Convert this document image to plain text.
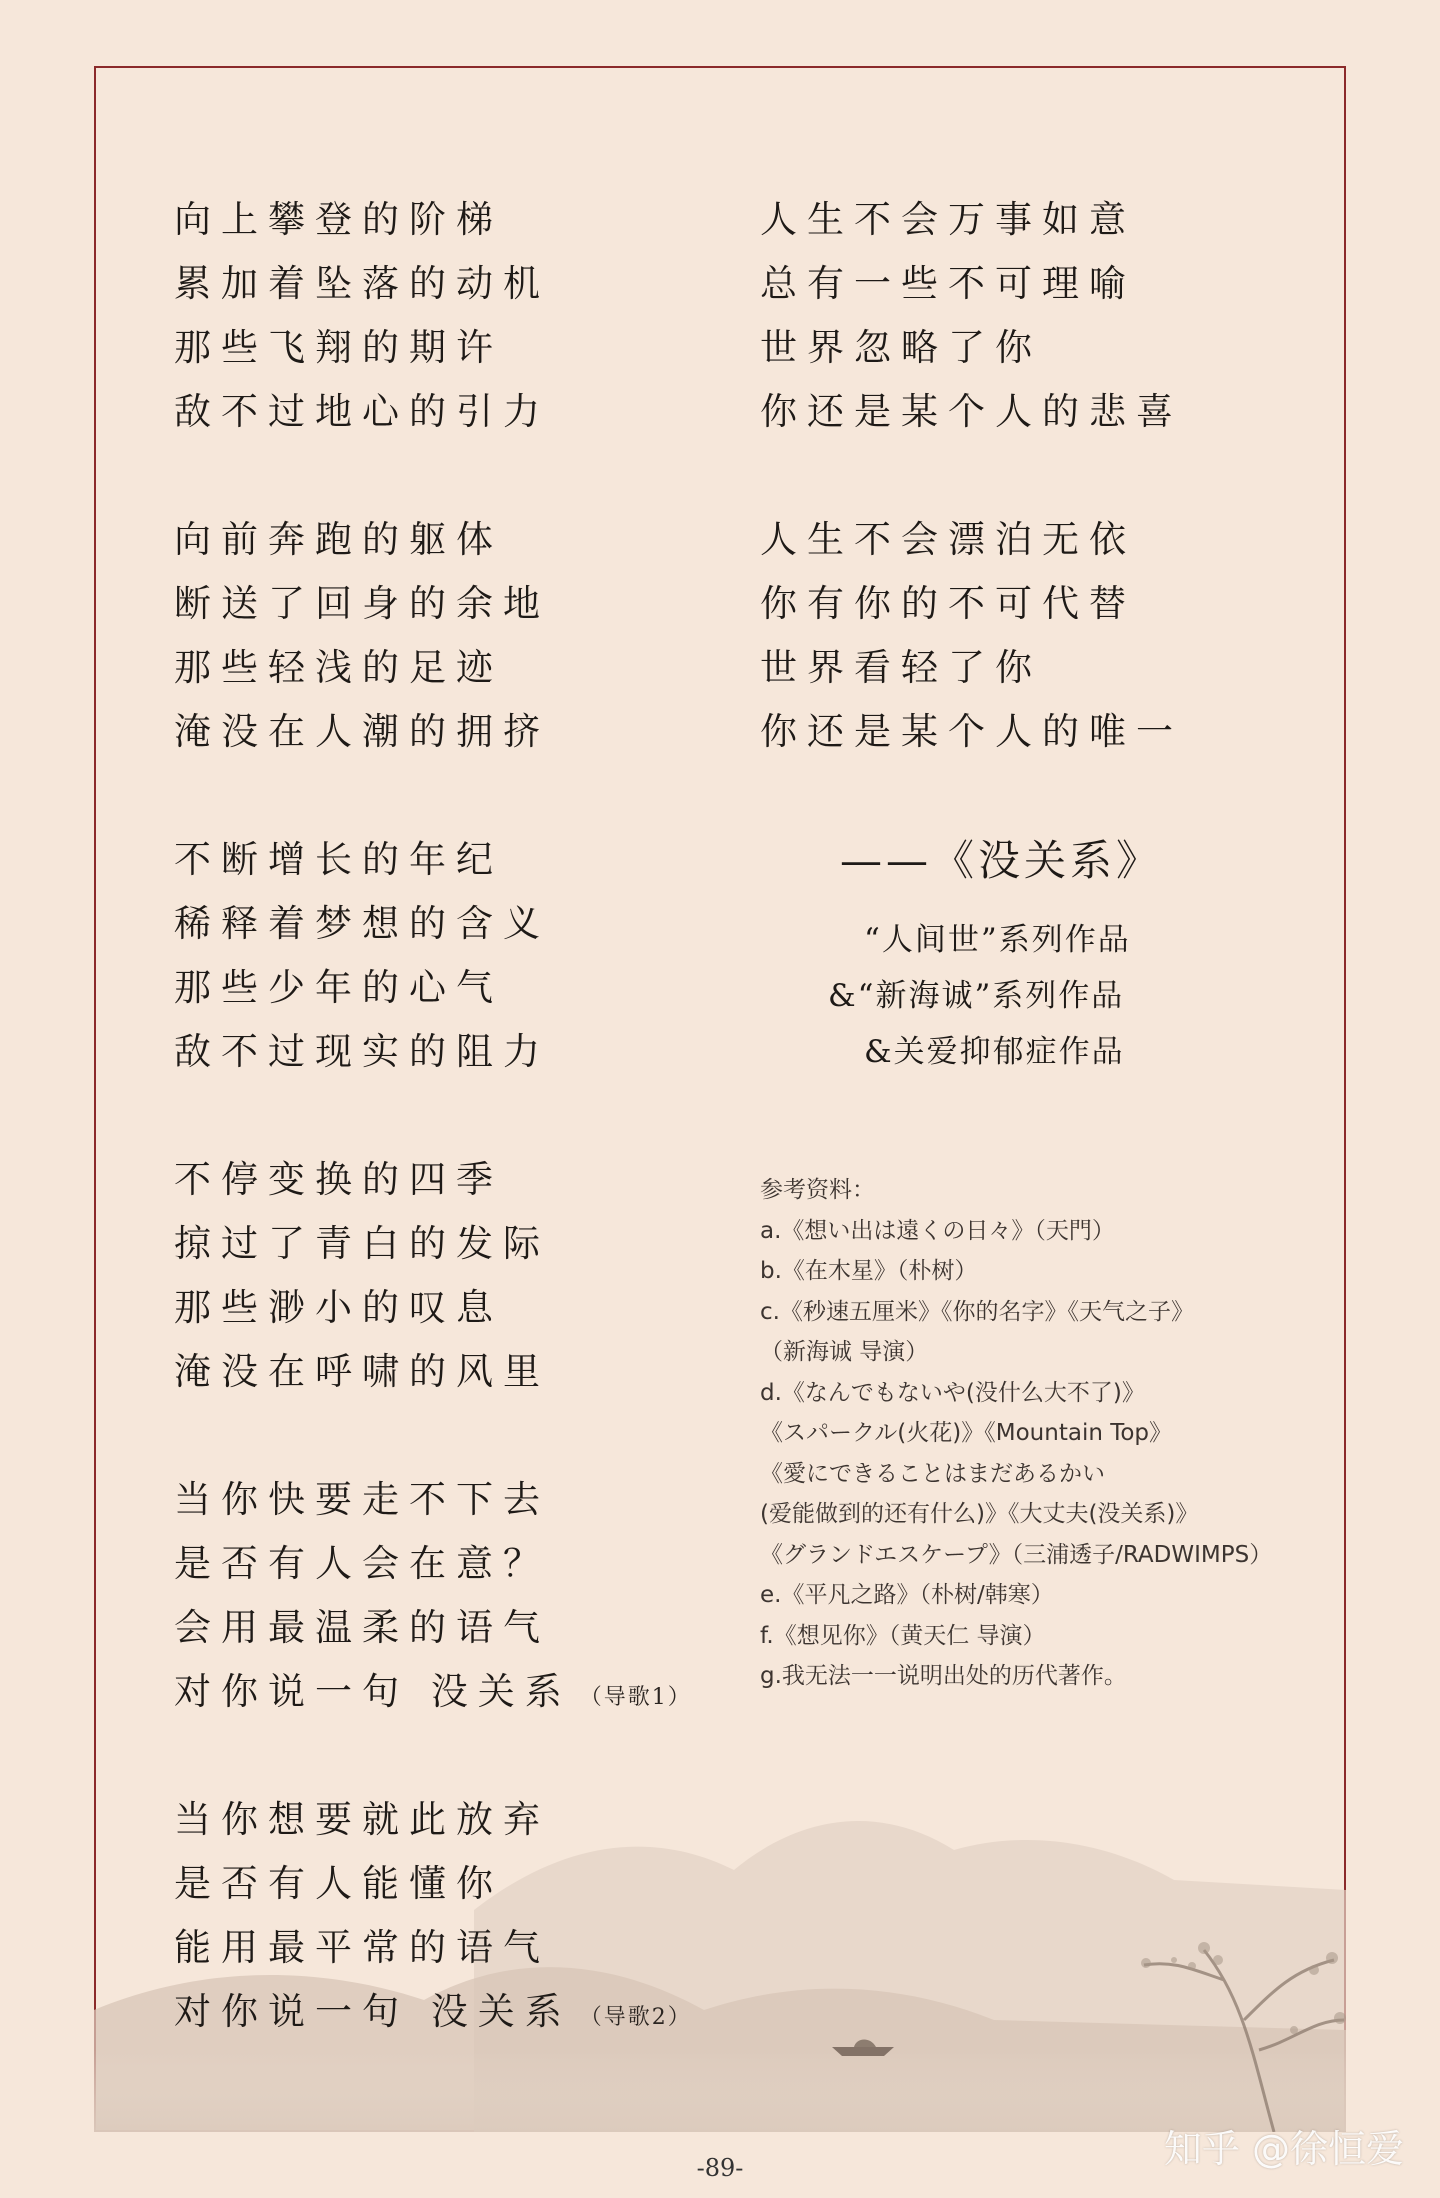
向上攀登的阶梯
累加着坠落的动机
那些飞翔的期许
敌不过地心的引力
向前奔跑的躯体
断送了回身的余地
那些轻浅的足迹
淹没在人潮的拥挤
不断增长的年纪
稀释着梦想的含义
那些少年的心气
敌不过现实的阻力
不停变换的四季
掠过了青白的发际
那些渺小的叹息
淹没在呼啸的风里
当你快要走不下去
是否有人会在意？
会用最温柔的语气
对你说一句 没关系 （导歌1）
当你想要就此放弃
是否有人能懂你
能用最平常的语气
对你说一句 没关系 （导歌2）
人生不会万事如意
总有一些不可理喻
世界忽略了你
你还是某个人的悲喜
人生不会漂泊无依
你有你的不可代替
世界看轻了你
你还是某个人的唯一
——《没关系》
“人间世”系列作品
&“新海诚”系列作品
&关爱抑郁症作品
参考资料：
a.《想い出は遠くの日々》（天門）
b.《在木星》（朴树）
c.《秒速五厘米》《你的名字》《天气之子》
（新海诚 导演）
d.《なんでもないや(没什么大不了)》
《スパークル(火花)》《Mountain Top》
《愛にできることはまだあるかい
(爱能做到的还有什么)》《大丈夫(没关系)》
《グランドエスケープ》（三浦透子/RADWIMPS）
e.《平凡之路》（朴树/韩寒）
f.《想见你》（黄天仁 导演）
g.我无法一一说明出处的历代著作。
知乎 @徐恒爱
-89-
